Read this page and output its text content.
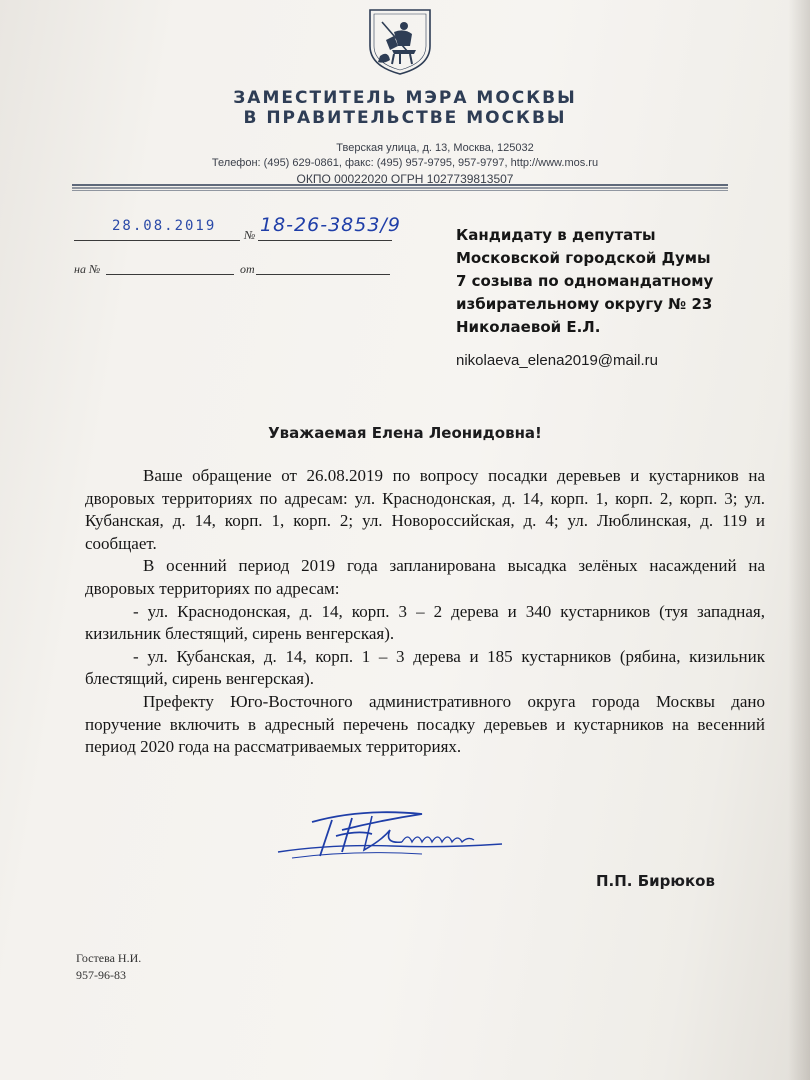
ЗАМЕСТИТЕЛЬ МЭРА МОСКВЫ
В ПРАВИТЕЛЬСТВЕ МОСКВЫ
Тверская улица, д. 13, Москва, 125032
Телефон: (495) 629-0861, факс: (495) 957-9795, 957-9797, http://www.mos.ru
ОКПО 00022020 ОГРН 1027739813507
28.08.2019
№ 18-26-3853/9
на №	от
Кандидату в депутаты
Московской городской Думы
7 созыва по одномандатному
избирательному округу № 23
Николаевой Е.Л.
nikolaeva_elena2019@mail.ru
Уважаемая Елена Леонидовна!

Ваше обращение от 26.08.2019 по вопросу посадки деревьев и кустарников на дворовых территориях по адресам: ул. Краснодонская, д. 14, корп. 1, корп. 2, корп. 3; ул. Кубанская, д. 14, корп. 1, корп. 2; ул. Новороссийская, д. 4; ул. Люблинская, д. 119 и сообщает.

В осенний период 2019 года запланирована высадка зелёных насаждений на дворовых территориях по адресам:

- ул. Краснодонская, д. 14, корп. 3 – 2 дерева и 340 кустарников (туя западная, кизильник блестящий, сирень венгерская).

- ул. Кубанская, д. 14, корп. 1 – 3 дерева и 185 кустарников (рябина, кизильник блестящий, сирень венгерская).

Префекту Юго-Восточного административного округа города Москвы дано поручение включить в адресный перечень посадку деревьев и кустарников на весенний период 2020 года на рассматриваемых территориях.

П.П. Бирюков
Гостева Н.И.
957-96-83
